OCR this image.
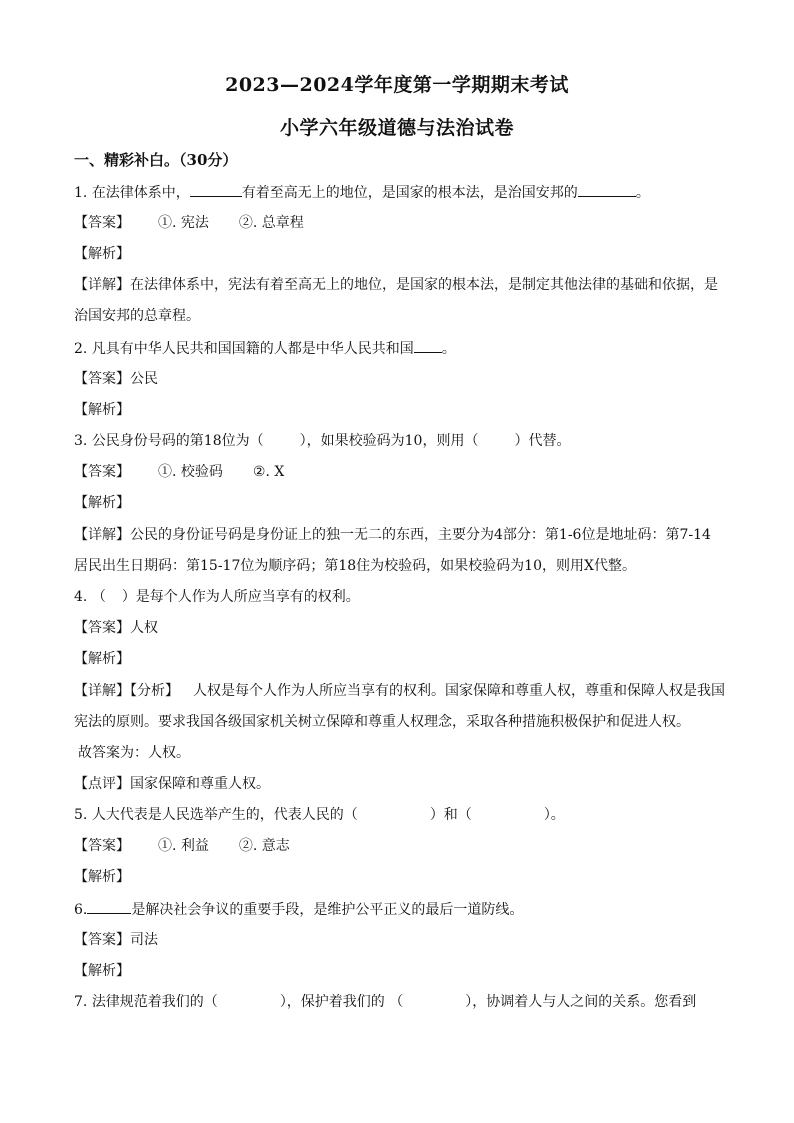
2023—2024学年度第一学期期末考试
小学六年级道德与法治试卷

一、精彩补白。（30分）

1. 在法律体系中，	有着至高无上的地位，是国家的根本法，是治国安邦的	。

【答案】 ①. 宪法 ②. 总章程

【解析】

【详解】在法律体系中，宪法有着至高无上的地位，是国家的根本法，是制定其他法律的基础和依据，是

治国安邦的总章程。

2. 凡具有中华人民共和国国籍的人都是中华人民共和国 。

【答案】公民

【解析】

3. 公民身份号码的第18位为（	），如果校验码为10，则用（	）代替。

【答案】 ①. 校验码 ②. X

【解析】

【详解】公民的身份证号码是身份证上的独一无二的东西，主要分为4部分：第1-6位是地址码：第7-14

居民出生日期码：第15-17位为顺序码；第18住为校验码，如果校验码为10，则用X代整。

4. （ ）是每个人作为人所应当享有的权利。

【答案】人权

【解析】

【详解】【分析】 人权是每个人作为人所应当享有的权利。国家保障和尊重人权，尊重和保障人权是我国

宪法的原则。要求我国各级国家机关树立保障和尊重人权理念，采取各种措施积极保护和促进人权。

故答案为：人权。

【点评】国家保障和尊重人权。

5. 人大代表是人民选举产生的，代表人民的（	）和（	）。

【答案】 ①. 利益 ②. 意志

【解析】

6.	是解决社会争议的重要手段，是维护公平正义的最后一道防线。

【答案】司法

【解析】

7. 法律规范着我们的（	），保护着我们的 （	），协调着人与人之间的关系。您看到
